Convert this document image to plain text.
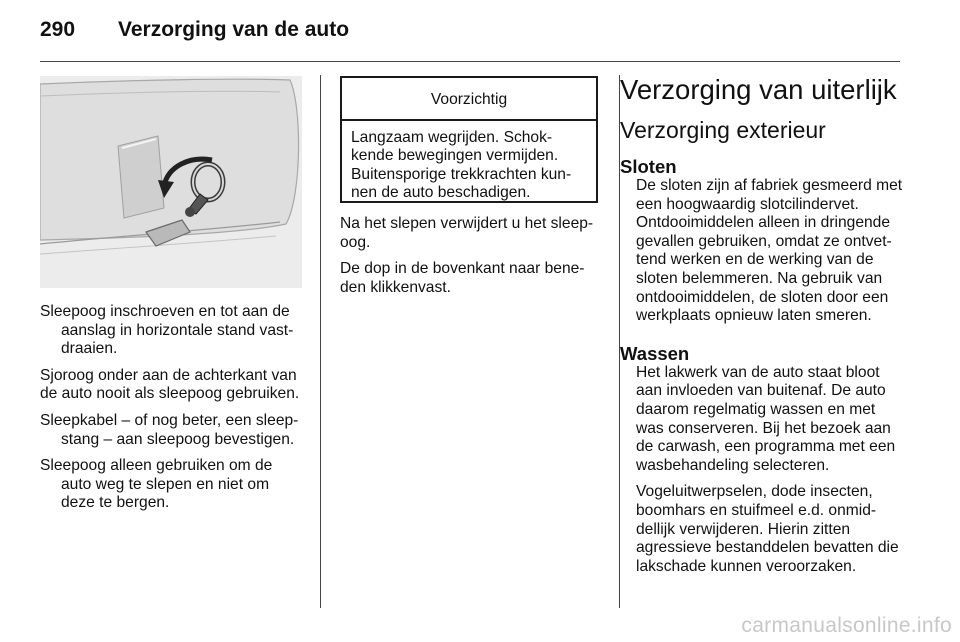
290 Verzorging van de auto

Sleepoog inschroeven en tot aan de aanslag in horizontale stand vastdraaien.

Sjoroog onder aan de achterkant van de auto nooit als sleepoog gebruiken.

Sleepkabel – of nog beter, een sleepstang – aan sleepoog bevestigen.

Sleepoog alleen gebruiken om de auto weg te slepen en niet om deze te bergen.

Voorzichtig
Langzaam wegrijden. Schokkende bewegingen vermijden. Buitensporige trekkrachten kunnen de auto beschadigen.

Na het slepen verwijdert u het sleepoog.

De dop in de bovenkant naar beneden klikkenvast.

Verzorging van uiterlijk
Verzorging exterieur
Sloten

De sloten zijn af fabriek gesmeerd met een hoogwaardig slotcilindervet. Ontdooimiddelen alleen in dringende gevallen gebruiken, omdat ze ontvettend werken en de werking van de sloten belemmeren. Na gebruik van ontdooimiddelen, de sloten door een werkplaats opnieuw laten smeren.

Wassen

Het lakwerk van de auto staat bloot aan invloeden van buitenaf. De auto daarom regelmatig wassen en met was conserveren. Bij het bezoek aan de carwash, een programma met een wasbehandeling selecteren.

Vogeluitwerpselen, dode insecten, boomhars en stuifmeel e.d. onmiddellijk verwijderen. Hierin zitten agressieve bestanddelen bevatten die lakschade kunnen veroorzaken.

carmanualsonline.info
